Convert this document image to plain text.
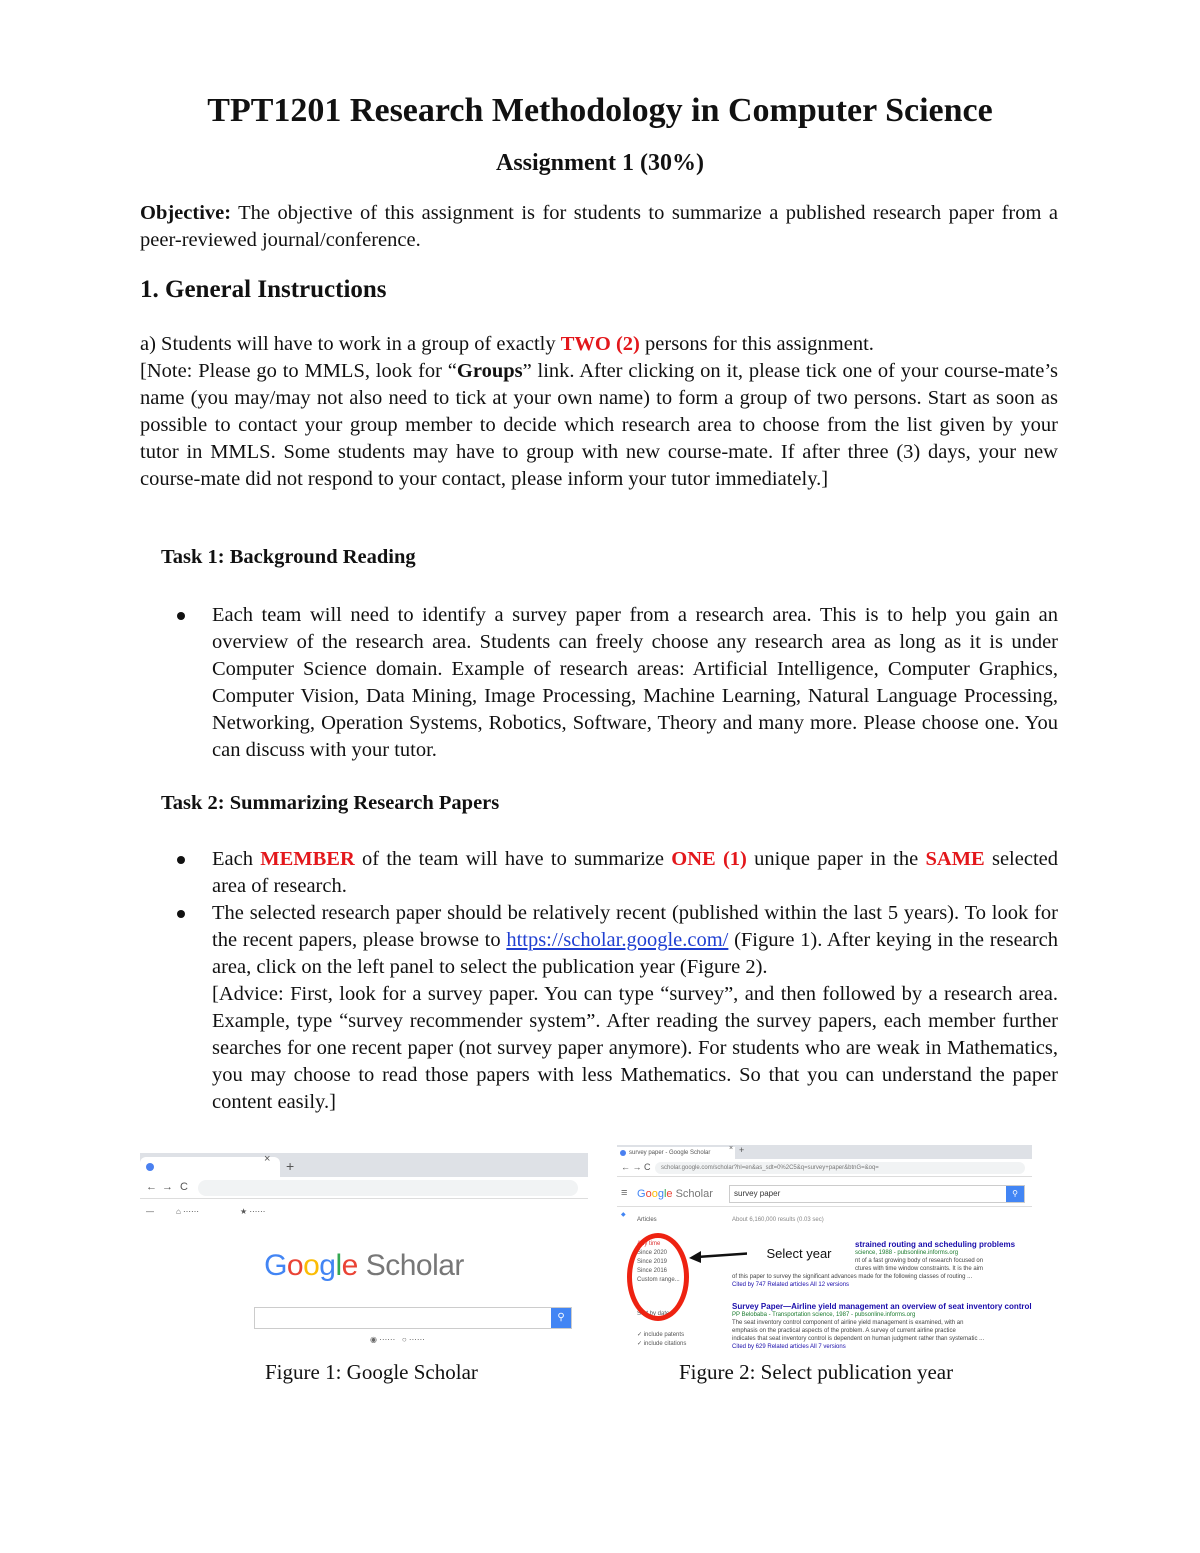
TPT1201 Research Methodology in Computer Science
Assignment 1 (30%)

Objective: The objective of this assignment is for students to summarize a published research paper from a peer-reviewed journal/conference.

1. General Instructions

a) Students will have to work in a group of exactly TWO (2) persons for this assignment.
[Note: Please go to MMLS, look for “Groups” link. After clicking on it, please tick one of your course-mate’s name (you may/may not also need to tick at your own name) to form a group of two persons. Start as soon as possible to contact your group member to decide which research area to choose from the list given by your tutor in MMLS. Some students may have to group with new course-mate. If after three (3) days, your new course-mate did not respond to your contact, please inform your tutor immediately.]

Task 1: Background Reading
Each team will need to identify a survey paper from a research area. This is to help you gain an overview of the research area. Students can freely choose any research area as long as it is under Computer Science domain. Example of research areas: Artificial Intelligence, Computer Graphics, Computer Vision, Data Mining, Image Processing, Machine Learning, Natural Language Processing, Networking, Operation Systems, Robotics, Software, Theory and many more. Please choose one. You can discuss with your tutor.
Task 2: Summarizing Research Papers
Each MEMBER of the team will have to summarize ONE (1) unique paper in the SAME selected area of research.
The selected research paper should be relatively recent (published within the last 5 years). To look for the recent papers, please browse to https://scholar.google.com/ (Figure 1). After keying in the research area, click on the left panel to select the publication year (Figure 2).
[Advice: First, look for a survey paper. You can type “survey”, and then followed by a research area. Example, type “survey recommender system”. After reading the survey papers, each member further searches for one recent paper (not survey paper anymore). For students who are weak in Mathematics, you may choose to read those papers with less Mathematics. So that you can understand the paper content easily.]
× +
← → C
—	⌂ ⋯⋯	★ ⋯⋯
Google Scholar
⚲
◉ ⋯⋯   ○ ⋯⋯
Figure 1: Google Scholar
survey paper - Google Scholar
× +
← → C	scholar.google.com/scholar?hl=en&as_sdt=0%2C5&q=survey+paper&btnG=&oq=
≡ Google Scholar	survey paper	⚲
◆
Articles	About 6,160,000 results (0.03 sec)
Any time
Since 2020
Since 2019
Since 2016
Custom range...
Sort by date
✓ include patents
✓ include citations
strained routing and scheduling problems
science, 1988 - pubsonline.informs.org
nt of a fast growing body of research focused on
ctures with time window constraints. It is the aim
of this paper to survey the significant advances made for the following classes of routing ...
Cited by 747 Related articles All 12 versions
Survey Paper—Airline yield management an overview of seat inventory control
PP Belobaba - Transportation science, 1987 - pubsonline.informs.org
The seat inventory control component of airline yield management is examined, with an
emphasis on the practical aspects of the problem. A survey of current airline practice
indicates that seat inventory control is dependent on human judgment rather than systematic ...
Cited by 629 Related articles All 7 versions
Select year
Figure 2: Select publication year
